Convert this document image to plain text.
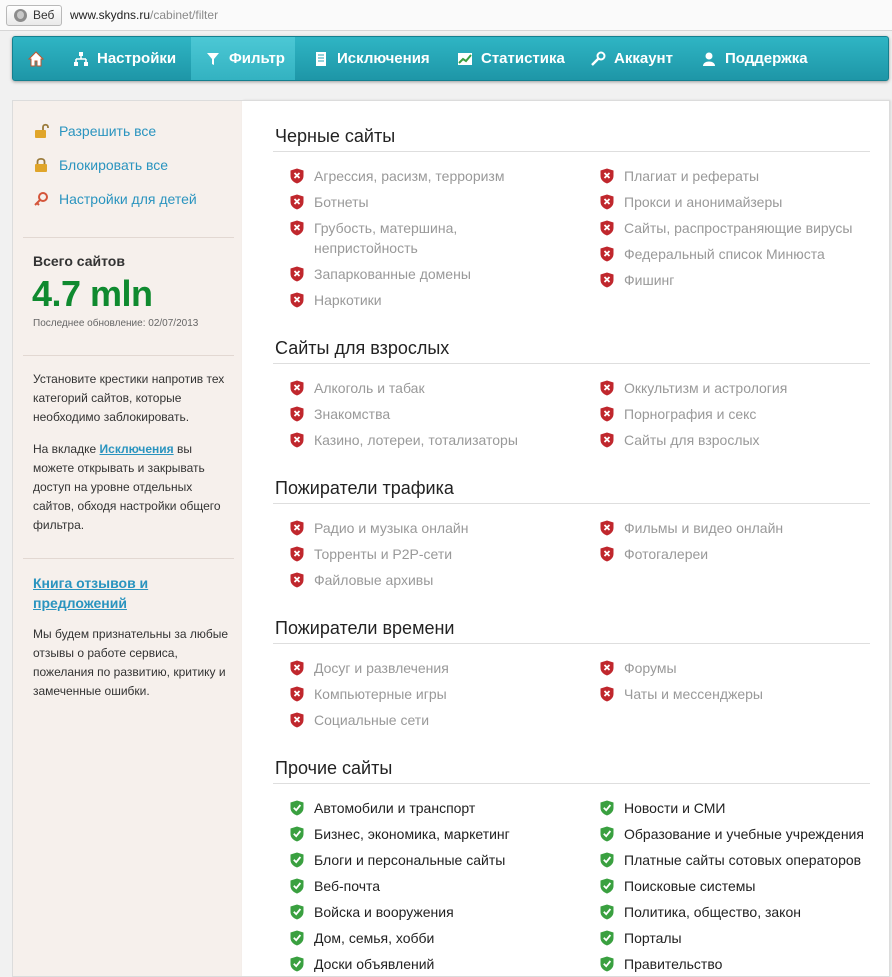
Веб	www.skydns.ru/cabinet/filter
Настройки	Фильтр	Исключения	Статистика	Аккаунт	Поддержка
Разрешить все
Блокировать все
Настройки для детей
Всего сайтов
4.7 mln
Последнее обновление: 02/07/2013
Установите крестики напротив тех категорий сайтов, которые необходимо заблокировать.
На вкладке Исключения вы можете открывать и закрывать доступ на уровне отдельных сайтов, обходя настройки общего фильтра.
Книга отзывов и предложений
Мы будем признательны за любые отзывы о работе сервиса, пожелания по развитию, критику и замеченные ошибки.
Черные сайты
Агрессия, расизм, терроризм
Ботнеты
Грубость, матершина, непристойность
Запаркованные домены
Наркотики
Плагиат и рефераты
Прокси и анонимайзеры
Сайты, распространяющие вирусы
Федеральный список Минюста
Фишинг
Сайты для взрослых
Алкоголь и табак
Знакомства
Казино, лотереи, тотализаторы
Оккультизм и астрология
Порнография и секс
Сайты для взрослых
Пожиратели трафика
Радио и музыка онлайн
Торренты и P2P-сети
Файловые архивы
Фильмы и видео онлайн
Фотогалереи
Пожиратели времени
Досуг и развлечения
Компьютерные игры
Социальные сети
Форумы
Чаты и мессенджеры
Прочие сайты
Автомобили и транспорт
Бизнес, экономика, маркетинг
Блоги и персональные сайты
Веб-почта
Войска и вооружения
Дом, семья, хобби
Доски объявлений
Новости и СМИ
Образование и учебные учреждения
Платные сайты сотовых операторов
Поисковые системы
Политика, общество, закон
Порталы
Правительство
